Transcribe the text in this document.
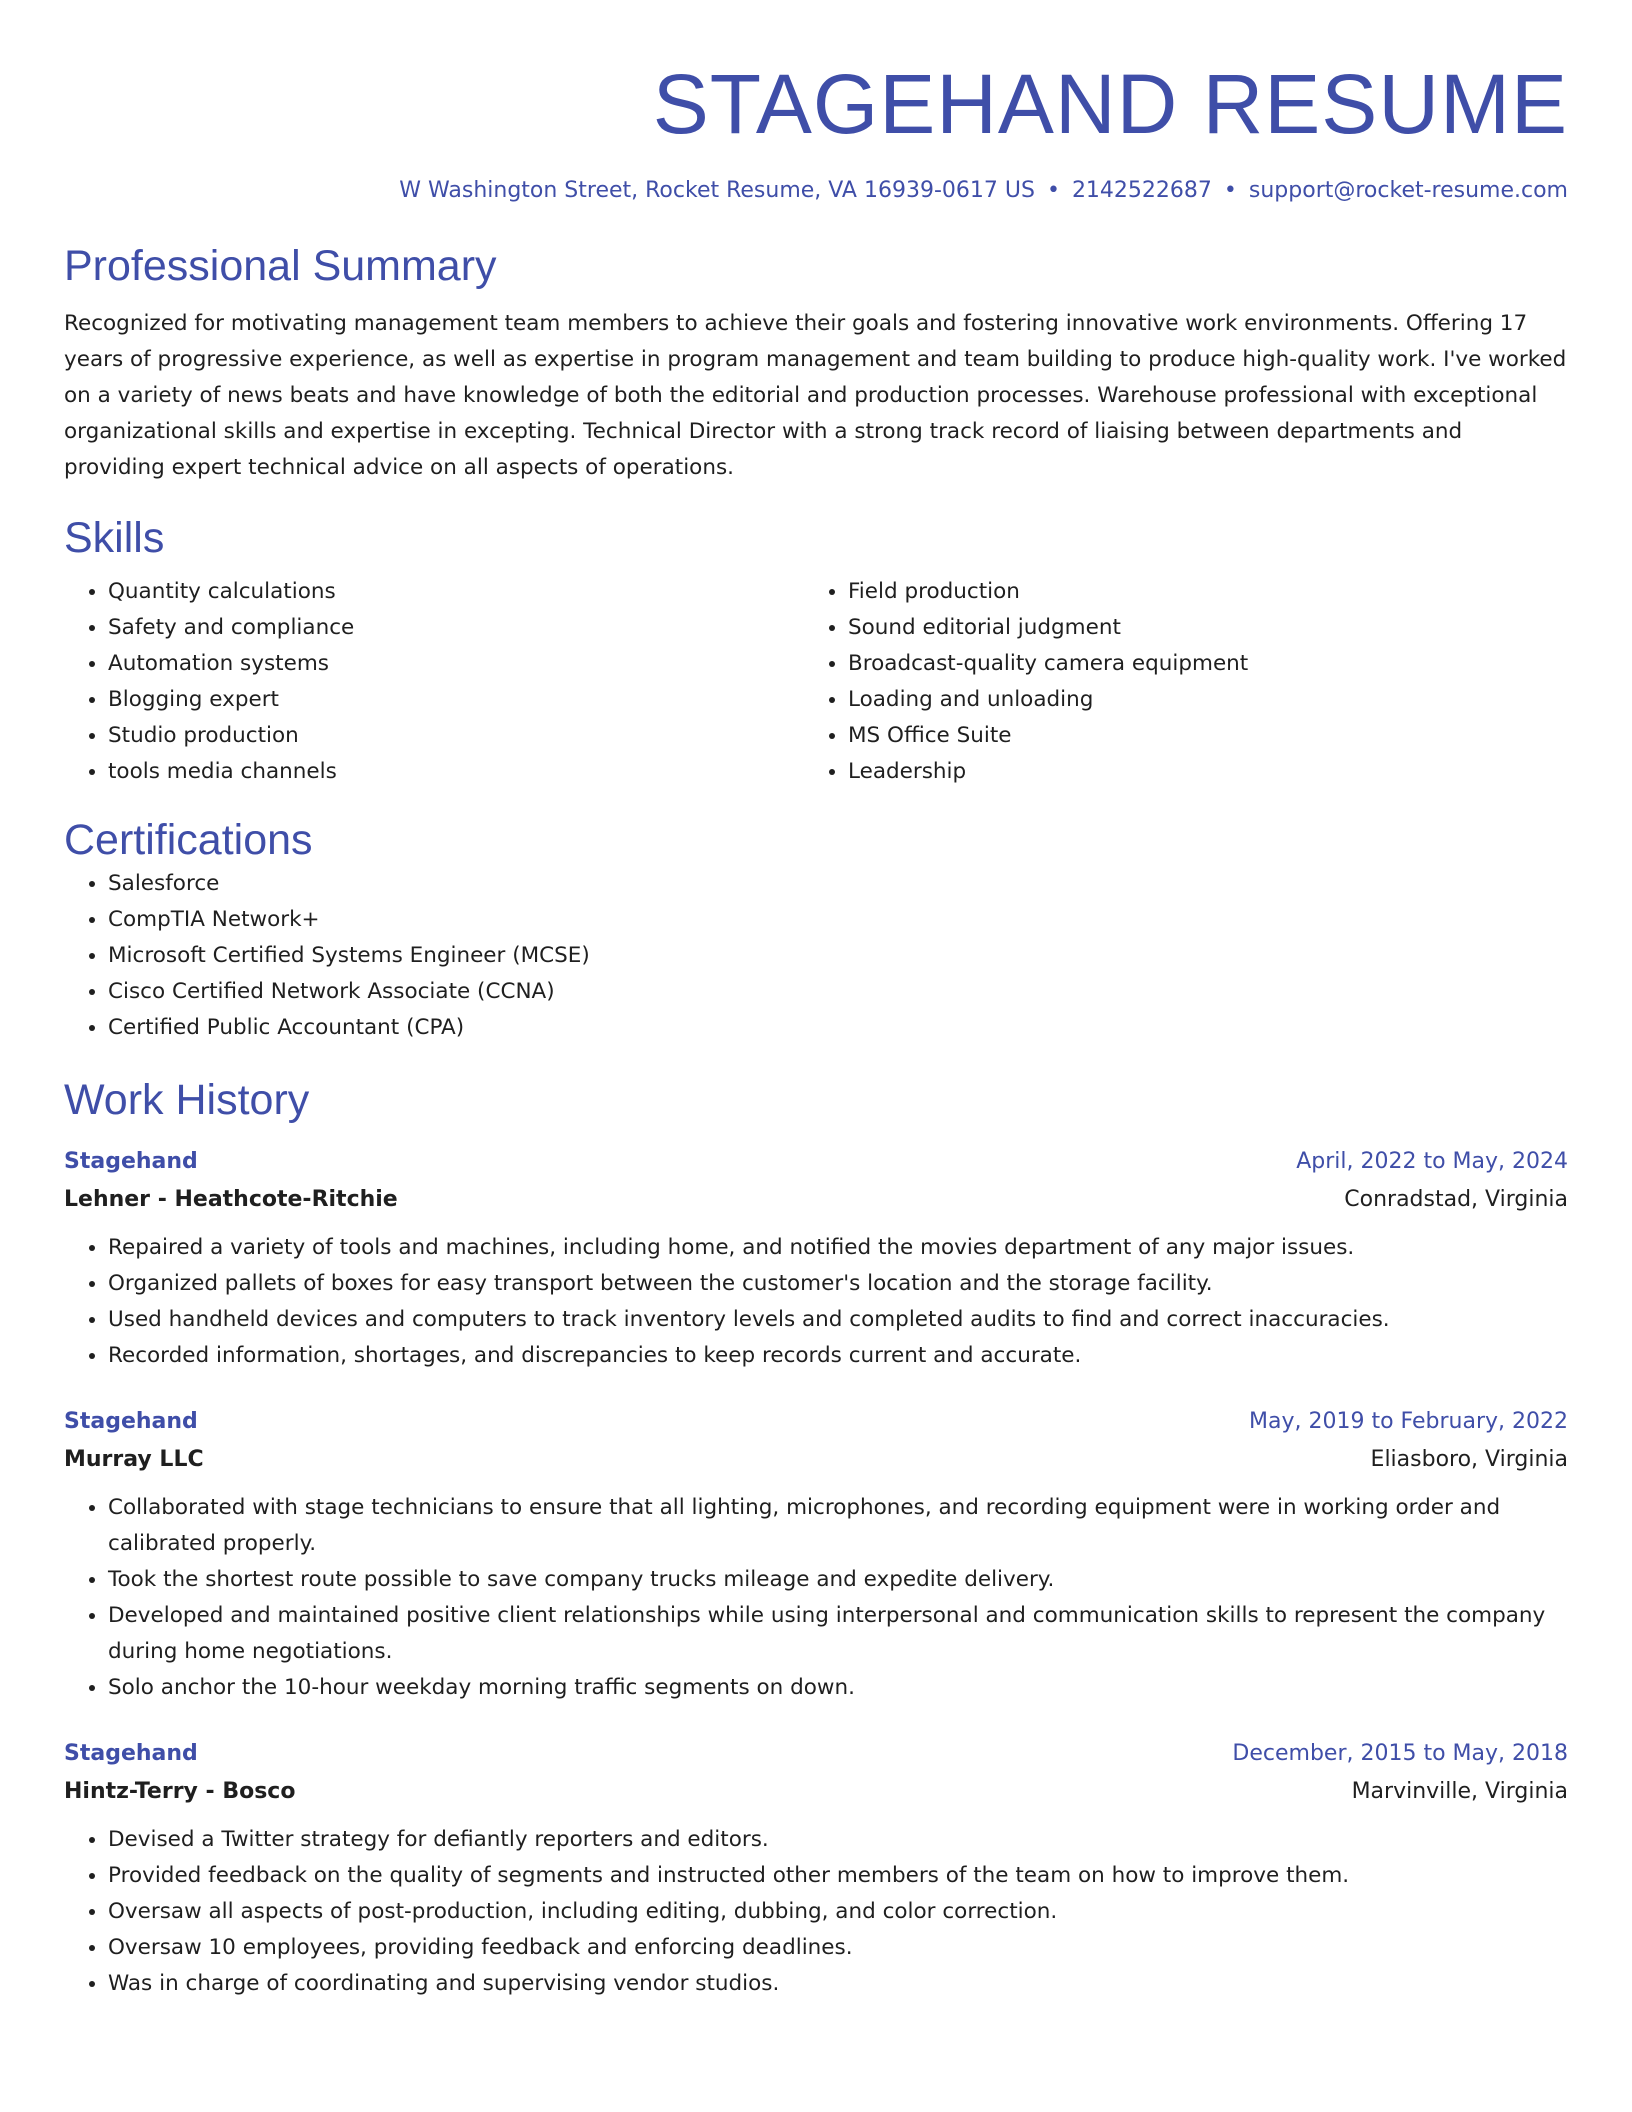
STAGEHAND RESUME
W Washington Street, Rocket Resume, VA 16939-0617 US • 2142522687 • support@rocket-resume.com
Professional Summary
Recognized for motivating management team members to achieve their goals and fostering innovative work environments. Offering 17 years of progressive experience, as well as expertise in program management and team building to produce high-quality work. I've worked on a variety of news beats and have knowledge of both the editorial and production processes. Warehouse professional with exceptional organizational skills and expertise in excepting. Technical Director with a strong track record of liaising between departments and providing expert technical advice on all aspects of operations.
Skills
• Quantity calculations
• Safety and compliance
• Automation systems
• Blogging expert
• Studio production
• tools media channels
• Field production
• Sound editorial judgment
• Broadcast-quality camera equipment
• Loading and unloading
• MS Office Suite
• Leadership
Certifications
• Salesforce
• CompTIA Network+
• Microsoft Certified Systems Engineer (MCSE)
• Cisco Certified Network Associate (CCNA)
• Certified Public Accountant (CPA)
Work History
Stagehand	April, 2022 to May, 2024
Lehner - Heathcote-Ritchie	Conradstad, Virginia
• Repaired a variety of tools and machines, including home, and notified the movies department of any major issues.
• Organized pallets of boxes for easy transport between the customer's location and the storage facility.
• Used handheld devices and computers to track inventory levels and completed audits to find and correct inaccuracies.
• Recorded information, shortages, and discrepancies to keep records current and accurate.
Stagehand	May, 2019 to February, 2022
Murray LLC	Eliasboro, Virginia
• Collaborated with stage technicians to ensure that all lighting, microphones, and recording equipment were in working order and calibrated properly.
• Took the shortest route possible to save company trucks mileage and expedite delivery.
• Developed and maintained positive client relationships while using interpersonal and communication skills to represent the company during home negotiations.
• Solo anchor the 10-hour weekday morning traffic segments on down.
Stagehand	December, 2015 to May, 2018
Hintz-Terry - Bosco	Marvinville, Virginia
• Devised a Twitter strategy for defiantly reporters and editors.
• Provided feedback on the quality of segments and instructed other members of the team on how to improve them.
• Oversaw all aspects of post-production, including editing, dubbing, and color correction.
• Oversaw 10 employees, providing feedback and enforcing deadlines.
• Was in charge of coordinating and supervising vendor studios.
